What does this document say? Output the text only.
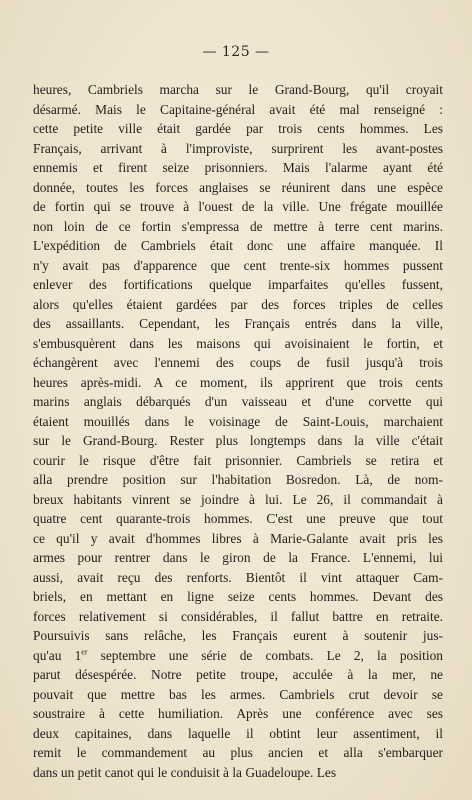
— 125 —
heures, Cambriels marcha sur le Grand-Bourg, qu'il croyait
désarmé. Mais le Capitaine-général avait été mal renseigné :
cette petite ville était gardée par trois cents hommes. Les
Français, arrivant à l'improviste, surprirent les avant-postes
ennemis et firent seize prisonniers. Mais l'alarme ayant été
donnée, toutes les forces anglaises se réunirent dans une espèce
de fortin qui se trouve à l'ouest de la ville. Une frégate mouillée
non loin de ce fortin s'empressa de mettre à terre cent marins.
L'expédition de Cambriels était donc une affaire manquée. Il
n'y avait pas d'apparence que cent trente-six hommes pussent
enlever des fortifications quelque imparfaites qu'elles fussent,
alors qu'elles étaient gardées par des forces triples de celles
des assaillants. Cependant, les Français entrés dans la ville,
s'embusquèrent dans les maisons qui avoisinaient le fortin, et
échangèrent avec l'ennemi des coups de fusil jusqu'à trois
heures après-midi. A ce moment, ils apprirent que trois cents
marins anglais débarqués d'un vaisseau et d'une corvette qui
étaient mouillés dans le voisinage de Saint-Louis, marchaient
sur le Grand-Bourg. Rester plus longtemps dans la ville c'était
courir le risque d'être fait prisonnier. Cambriels se retira et
alla prendre position sur l'habitation Bosredon. Là, de nom-
breux habitants vinrent se joindre à lui. Le 26, il commandait à
quatre cent quarante-trois hommes. C'est une preuve que tout
ce qu'il y avait d'hommes libres à Marie-Galante avait pris les
armes pour rentrer dans le giron de la France. L'ennemi, lui
aussi, avait reçu des renforts. Bientôt il vint attaquer Cam-
briels, en mettant en ligne seize cents hommes. Devant des
forces relativement si considérables, il fallut battre en retraite.
Poursuivis sans relâche, les Français eurent à soutenir jus-
qu'au 1er septembre une série de combats. Le 2, la position
parut désespérée. Notre petite troupe, acculée à la mer, ne
pouvait que mettre bas les armes. Cambriels crut devoir se
soustraire à cette humiliation. Après une conférence avec ses
deux capitaines, dans laquelle il obtint leur assentiment, il
remit le commandement au plus ancien et alla s'embarquer
dans un petit canot qui le conduisit à la Guadeloupe. Les
